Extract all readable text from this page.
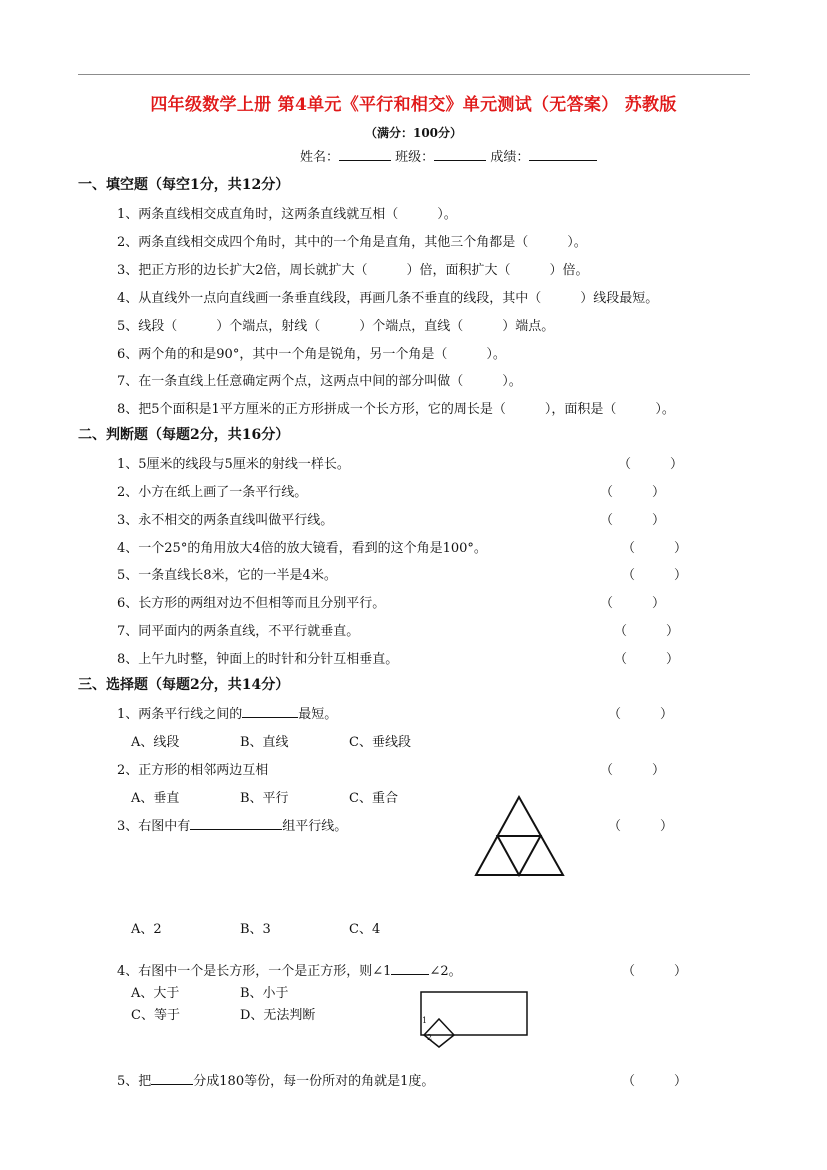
四年级数学上册 第4单元《平行和相交》单元测试（无答案） 苏教版
（满分：100分）
姓名：	班级：	成绩：
一、填空题（每空1分，共12分）
1、两条直线相交成直角时，这两条直线就互相（　　　）。
2、两条直线相交成四个角时，其中的一个角是直角，其他三个角都是（　　　）。
3、把正方形的边长扩大2倍，周长就扩大（　　　）倍，面积扩大（　　　）倍。
4、从直线外一点向直线画一条垂直线段，再画几条不垂直的线段，其中（　　　）线段最短。
5、线段（　　　）个端点，射线（　　　）个端点，直线（　　　）端点。
6、两个角的和是90°，其中一个角是锐角，另一个角是（　　　）。
7、在一条直线上任意确定两个点，这两点中间的部分叫做（　　　）。
8、把5个面积是1平方厘米的正方形拼成一个长方形，它的周长是（　　　），面积是（　　　）。
二、判断题（每题2分，共16分）
1、5厘米的线段与5厘米的射线一样长。	（　　　）
2、小方在纸上画了一条平行线。	（　　　）
3、永不相交的两条直线叫做平行线。	（　　　）
4、一个25°的角用放大4倍的放大镜看，看到的这个角是100°。	（　　　）
5、一条直线长8米，它的一半是4米。	（　　　）
6、长方形的两组对边不但相等而且分别平行。	（　　　）
7、同平面内的两条直线，不平行就垂直。	（　　　）
8、上午九时整，钟面上的时针和分针互相垂直。	（　　　）
三、选择题（每题2分，共14分）
1、两条平行线之间的	最短。	（　　　）
A、线段	B、直线	C、垂线段
2、正方形的相邻两边互相	（　　　）
A、垂直	B、平行	C、重合
3、右图中有	组平行线。	（　　　）
A、2	B、3	C、4
4、右图中一个是长方形，一个是正方形，则∠1	∠2。	（　　　）
A、大于	B、小于
C、等于	D、无法判断	1
2
5、把	分成180等份，每一份所对的角就是1度。	（　　　）
